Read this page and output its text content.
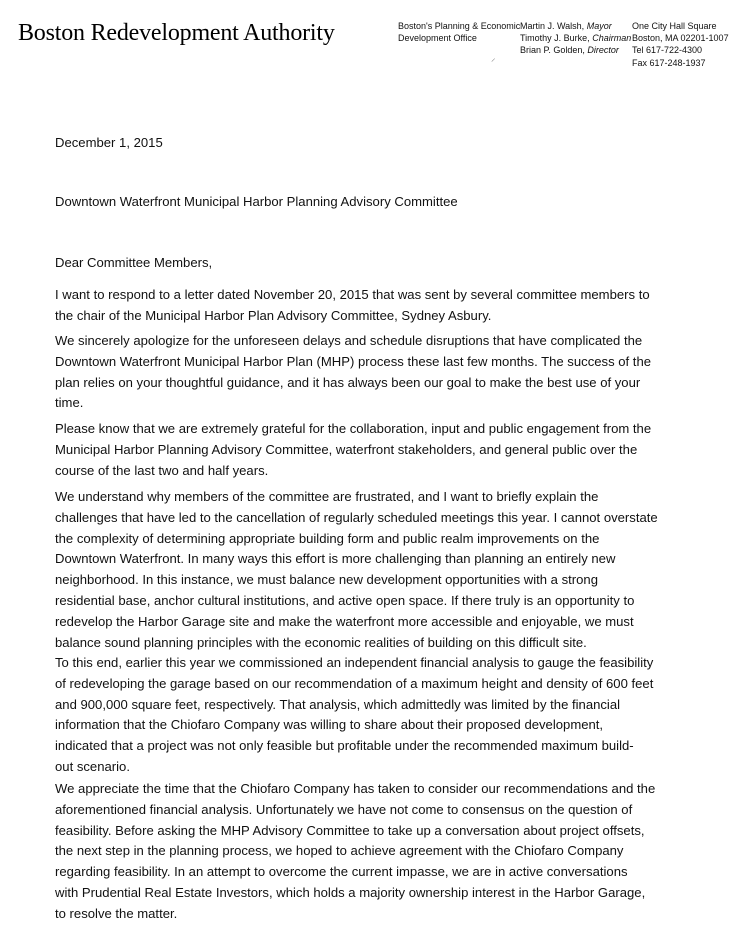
Boston Redevelopment Authority	Boston's Planning & Economic
Development Office
⸝
Martin J. Walsh, Mayor
Timothy J. Burke, Chairman
Brian P. Golden, Director
One City Hall Square
Boston, MA 02201-1007
Tel 617-722-4300
Fax 617-248-1937

December 1, 2015

Downtown Waterfront Municipal Harbor Planning Advisory Committee

Dear Committee Members,

I want to respond to a letter dated November 20, 2015 that was sent by several committee members to
the chair of the Municipal Harbor Plan Advisory Committee, Sydney Asbury.

We sincerely apologize for the unforeseen delays and schedule disruptions that have complicated the
Downtown Waterfront Municipal Harbor Plan (MHP) process these last few months. The success of the
plan relies on your thoughtful guidance, and it has always been our goal to make the best use of your
time.

Please know that we are extremely grateful for the collaboration, input and public engagement from the
Municipal Harbor Planning Advisory Committee, waterfront stakeholders, and general public over the
course of the last two and half years.

We understand why members of the committee are frustrated, and I want to briefly explain the
challenges that have led to the cancellation of regularly scheduled meetings this year. I cannot overstate
the complexity of determining appropriate building form and public realm improvements on the
Downtown Waterfront. In many ways this effort is more challenging than planning an entirely new
neighborhood. In this instance, we must balance new development opportunities with a strong
residential base, anchor cultural institutions, and active open space. If there truly is an opportunity to
redevelop the Harbor Garage site and make the waterfront more accessible and enjoyable, we must
balance sound planning principles with the economic realities of building on this difficult site.

To this end, earlier this year we commissioned an independent financial analysis to gauge the feasibility
of redeveloping the garage based on our recommendation of a maximum height and density of 600 feet
and 900,000 square feet, respectively. That analysis, which admittedly was limited by the financial
information that the Chiofaro Company was willing to share about their proposed development,
indicated that a project was not only feasible but profitable under the recommended maximum build-
out scenario.

We appreciate the time that the Chiofaro Company has taken to consider our recommendations and the
aforementioned financial analysis. Unfortunately we have not come to consensus on the question of
feasibility. Before asking the MHP Advisory Committee to take up a conversation about project offsets,
the next step in the planning process, we hoped to achieve agreement with the Chiofaro Company
regarding feasibility. In an attempt to overcome the current impasse, we are in active conversations
with Prudential Real Estate Investors, which holds a majority ownership interest in the Harbor Garage,
to resolve the matter.
